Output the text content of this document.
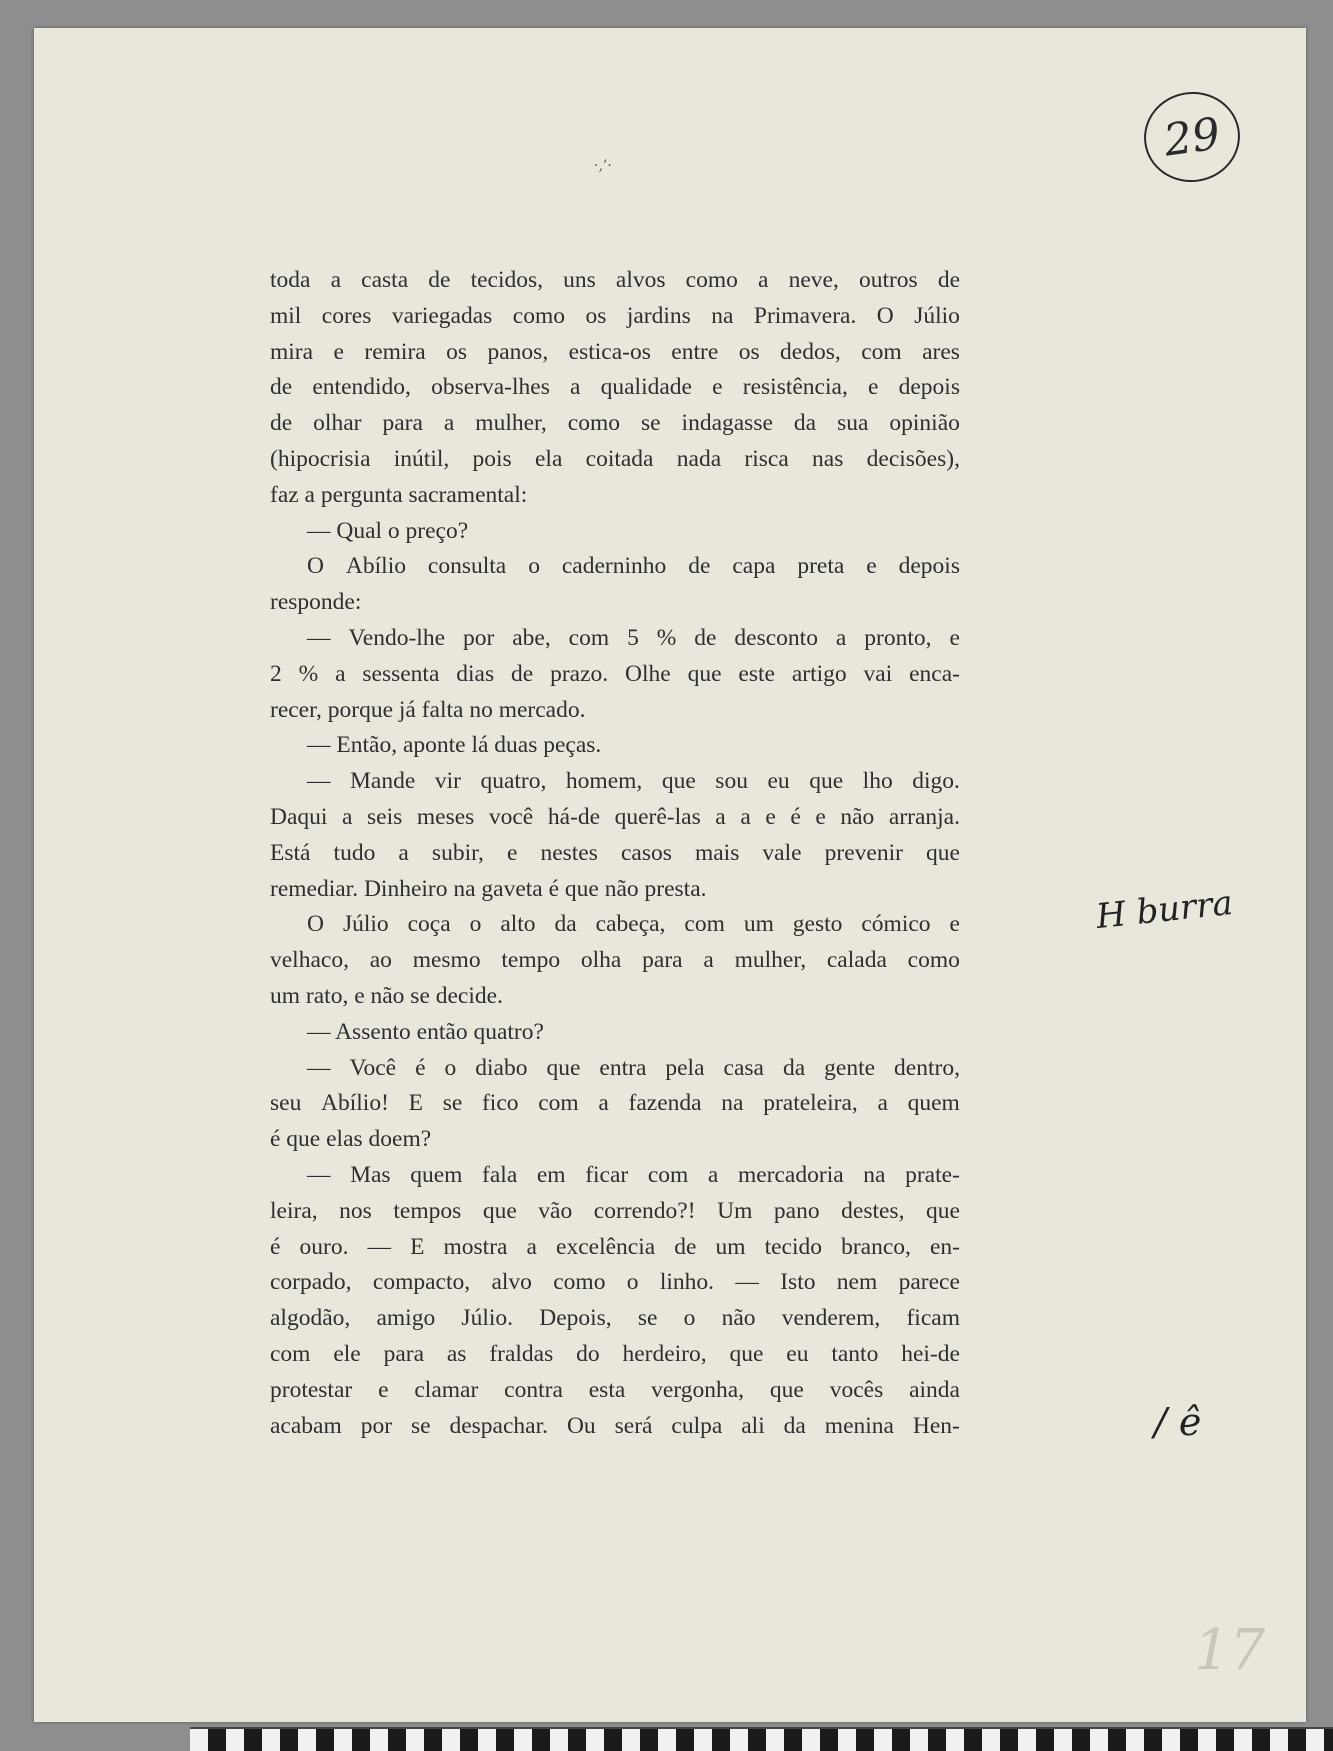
·‚’·	29
H burra
/ ê
17
toda a casta de tecidos, uns alvos como a neve, outros de
mil cores variegadas como os jardins na Primavera. O Júlio
mira e remira os panos, estica-os entre os dedos, com ares
de entendido, observa-lhes a qualidade e resistência, e depois
de olhar para a mulher, como se indagasse da sua opinião
(hipocrisia inútil, pois ela coitada nada risca nas decisões),
faz a pergunta sacramental:
— Qual o preço?
O Abílio consulta o caderninho de capa preta e depois
responde:
— Vendo-lhe por abe, com 5 % de desconto a pronto, e
2 % a sessenta dias de prazo. Olhe que este artigo vai enca-
recer, porque já falta no mercado.
— Então, aponte lá duas peças.
— Mande vir quatro, homem, que sou eu que lho digo.
Daqui a seis meses você há-de querê-las a a e é e não arranja.
Está tudo a subir, e nestes casos mais vale prevenir que
remediar. Dinheiro na gaveta é que não presta.
O Júlio coça o alto da cabeça, com um gesto cómico e
velhaco, ao mesmo tempo olha para a mulher, calada como
um rato, e não se decide.
— Assento então quatro?
— Você é o diabo que entra pela casa da gente dentro,
seu Abílio! E se fico com a fazenda na prateleira, a quem
é que elas doem?
— Mas quem fala em ficar com a mercadoria na prate-
leira, nos tempos que vão correndo?! Um pano destes, que
é ouro. — E mostra a excelência de um tecido branco, en-
corpado, compacto, alvo como o linho. — Isto nem parece
algodão, amigo Júlio. Depois, se o não venderem, ficam
com ele para as fraldas do herdeiro, que eu tanto hei-de
protestar e clamar contra esta vergonha, que vocês ainda
acabam por se despachar. Ou será culpa ali da menina Hen-
